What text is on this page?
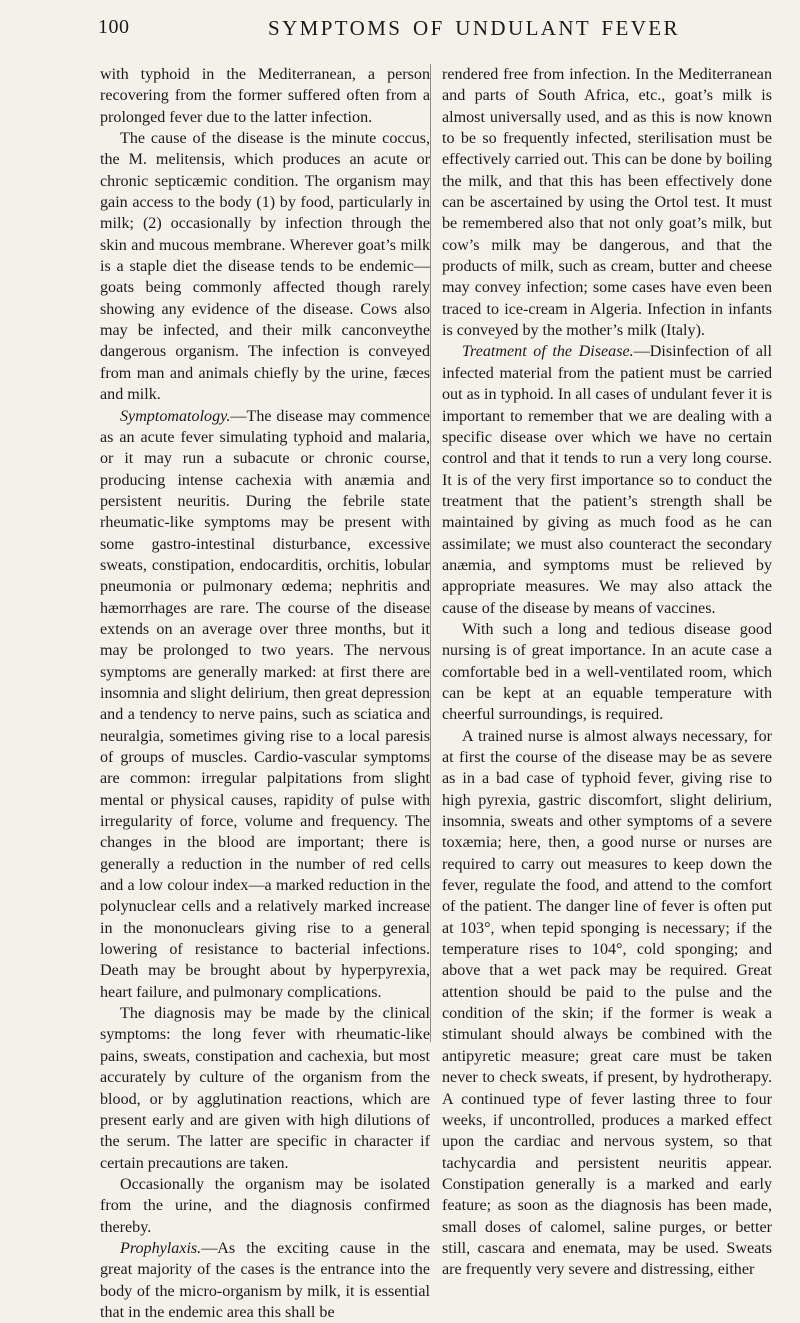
100	SYMPTOMS OF UNDULANT FEVER

with typhoid in the Mediterranean, a person recovering from the former suffered often from a prolonged fever due to the latter infection.

The cause of the disease is the minute coccus, the M. melitensis, which produces an acute or chronic septicæmic condition. The organism may gain access to the body (1) by food, particularly in milk; (2) occasionally by infection through the skin and mucous membrane. Wherever goat’s milk is a staple diet the disease tends to be endemic—goats being commonly affected though rarely showing any evidence of the disease. Cows also may be infected, and their milk canconveythe dangerous organism. The infection is conveyed from man and animals chiefly by the urine, fæces and milk.

Symptomatology.—The disease may commence as an acute fever simulating typhoid and malaria, or it may run a subacute or chronic course, producing intense cachexia with anæmia and persistent neuritis. During the febrile state rheumatic-like symptoms may be present with some gastro-intestinal disturbance, excessive sweats, constipation, endocarditis, orchitis, lobular pneumonia or pulmonary œdema; nephritis and hæmorrhages are rare. The course of the disease extends on an average over three months, but it may be prolonged to two years. The nervous symptoms are generally marked: at first there are insomnia and slight delirium, then great depression and a tendency to nerve pains, such as sciatica and neuralgia, sometimes giving rise to a local paresis of groups of muscles. Cardio-vascular symptoms are common: irregular palpitations from slight mental or physical causes, rapidity of pulse with irregularity of force, volume and frequency. The changes in the blood are important; there is generally a reduction in the number of red cells and a low colour index—a marked reduction in the polynuclear cells and a relatively marked increase in the mononuclears giving rise to a general lowering of resistance to bacterial infections. Death may be brought about by hyperpyrexia, heart failure, and pulmonary complications.

The diagnosis may be made by the clinical symptoms: the long fever with rheumatic-like pains, sweats, constipation and cachexia, but most accurately by culture of the organism from the blood, or by agglutination reactions, which are present early and are given with high dilutions of the serum. The latter are specific in character if certain precautions are taken.

Occasionally the organism may be isolated from the urine, and the diagnosis confirmed thereby.

Prophylaxis.—As the exciting cause in the great majority of the cases is the entrance into the body of the micro-organism by milk, it is essential that in the endemic area this shall be

rendered free from infection. In the Mediterranean and parts of South Africa, etc., goat’s milk is almost universally used, and as this is now known to be so frequently infected, sterilisation must be effectively carried out. This can be done by boiling the milk, and that this has been effectively done can be ascertained by using the Ortol test. It must be remembered also that not only goat’s milk, but cow’s milk may be dangerous, and that the products of milk, such as cream, butter and cheese may convey infection; some cases have even been traced to ice-cream in Algeria. Infection in infants is conveyed by the mother’s milk (Italy).

Treatment of the Disease.—Disinfection of all infected material from the patient must be carried out as in typhoid. In all cases of undulant fever it is important to remember that we are dealing with a specific disease over which we have no certain control and that it tends to run a very long course. It is of the very first importance so to conduct the treatment that the patient’s strength shall be maintained by giving as much food as he can assimilate; we must also counteract the secondary anæmia, and symptoms must be relieved by appropriate measures. We may also attack the cause of the disease by means of vaccines.

With such a long and tedious disease good nursing is of great importance. In an acute case a comfortable bed in a well-ventilated room, which can be kept at an equable temperature with cheerful surroundings, is required.

A trained nurse is almost always necessary, for at first the course of the disease may be as severe as in a bad case of typhoid fever, giving rise to high pyrexia, gastric discomfort, slight delirium, insomnia, sweats and other symptoms of a severe toxæmia; here, then, a good nurse or nurses are required to carry out measures to keep down the fever, regulate the food, and attend to the comfort of the patient. The danger line of fever is often put at 103°, when tepid sponging is necessary; if the temperature rises to 104°, cold sponging; and above that a wet pack may be required. Great attention should be paid to the pulse and the condition of the skin; if the former is weak a stimulant should always be combined with the antipyretic measure; great care must be taken never to check sweats, if present, by hydrotherapy. A continued type of fever lasting three to four weeks, if uncontrolled, produces a marked effect upon the cardiac and nervous system, so that tachycardia and persistent neuritis appear. Constipation generally is a marked and early feature; as soon as the diagnosis has been made, small doses of calomel, saline purges, or better still, cascara and enemata, may be used. Sweats are frequently very severe and distressing, either
